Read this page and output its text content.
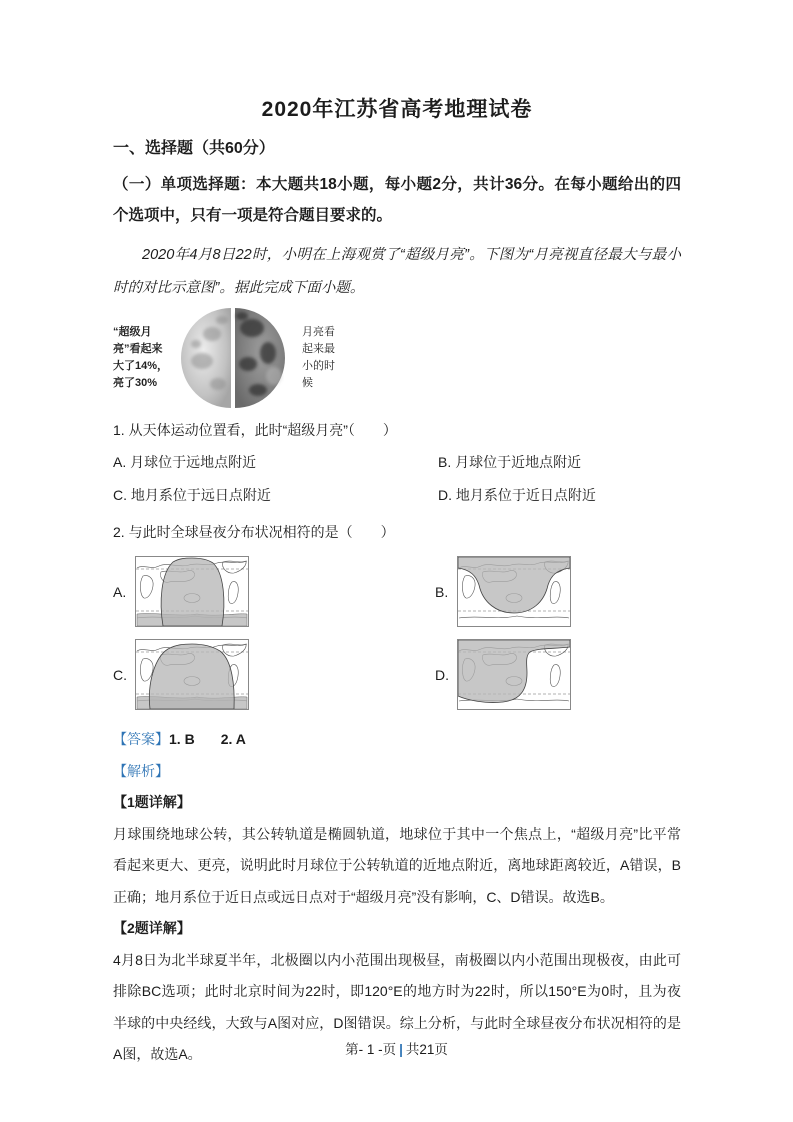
2020年江苏省高考地理试卷
一、选择题（共60分）
（一）单项选择题：本大题共18小题，每小题2分，共计36分。在每小题给出的四个选项中，只有一项是符合题目要求的。
2020年4月8日22时，小明在上海观赏了“超级月亮”。下图为“月亮视直径最大与最小时的对比示意图”。据此完成下面小题。
“超级月亮”看起来大了14%，亮了30%
月亮看起来最小的时候
1. 从天体运动位置看，此时“超级月亮”（　　）
A. 月球位于远地点附近	B. 月球位于近地点附近
C. 地月系位于远日点附近	D. 地月系位于近日点附近
2. 与此时全球昼夜分布状况相符的是（　　）
A.	B.
C.	D.
【答案】1. B 2. A
【解析】
【1题详解】

月球围绕地球公转，其公转轨道是椭圆轨道，地球位于其中一个焦点上，“超级月亮”比平常看起来更大、更亮，说明此时月球位于公转轨道的近地点附近，离地球距离较近，A错误，B正确；地月系位于近日点或远日点对于“超级月亮”没有影响，C、D错误。故选B。

【2题详解】

4月8日为北半球夏半年，北极圈以内小范围出现极昼，南极圈以内小范围出现极夜，由此可排除BC选项；此时北京时间为22时，即120°E的地方时为22时，所以150°E为0时，且为夜半球的中央经线，大致与A图对应，D图错误。综上分析，与此时全球昼夜分布状况相符的是A图，故选A。	第- 1 -页 | 共21页
